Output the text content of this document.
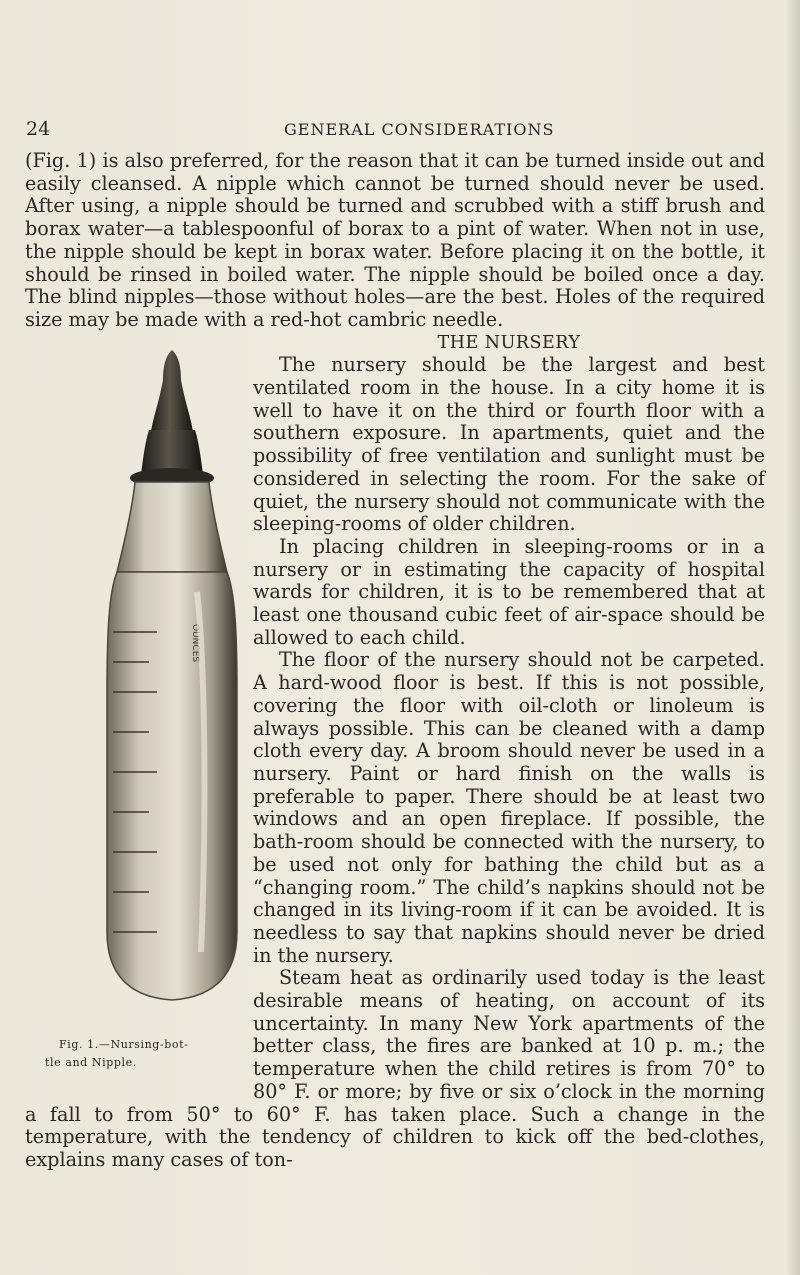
24	GENERAL CONSIDERATIONS

(Fig. 1) is also preferred, for the reason that it can be turned inside out and easily cleansed. A nipple which cannot be turned should never be used. After using, a nipple should be turned and scrubbed with a stiff brush and borax water—a tablespoonful of borax to a pint of water. When not in use, the nipple should be kept in borax water. Before placing it on the bottle, it should be rinsed in boiled water. The nipple should be boiled once a day. The blind nipples—those without holes—are the best. Holes of the required size may be made with a red-hot cambric needle.

OUNCES
Fig. 1.—Nursing-bot-
tle and Nipple.

THE NURSERY

The nursery should be the largest and best ventilated room in the house. In a city home it is well to have it on the third or fourth floor with a southern exposure. In apartments, quiet and the possibility of free ventilation and sunlight must be considered in selecting the room. For the sake of quiet, the nursery should not communicate with the sleeping-rooms of older children.

In placing children in sleeping-rooms or in a nursery or in estimating the capacity of hospital wards for children, it is to be remembered that at least one thousand cubic feet of air-space should be allowed to each child.

The floor of the nursery should not be carpeted. A hard-wood floor is best. If this is not possible, covering the floor with oil-cloth or linoleum is always possible. This can be cleaned with a damp cloth every day. A broom should never be used in a nursery. Paint or hard finish on the walls is preferable to paper. There should be at least two windows and an open fireplace. If possible, the bath-room should be connected with the nursery, to be used not only for bathing the child but as a “changing room.” The child’s napkins should not be changed in its living-room if it can be avoided. It is needless to say that napkins should never be dried in the nursery.

Steam heat as ordinarily used today is the least desirable means of heating, on account of its uncertainty. In many New York apartments of the better class, the fires are banked at 10 p. m.; the temperature when the child retires is from 70° to 80° F. or more; by five or six o’clock in the morning a fall to from 50° to 60° F. has taken place. Such a change in the temperature, with the tendency of children to kick off the bed-clothes, explains many cases of ton-
